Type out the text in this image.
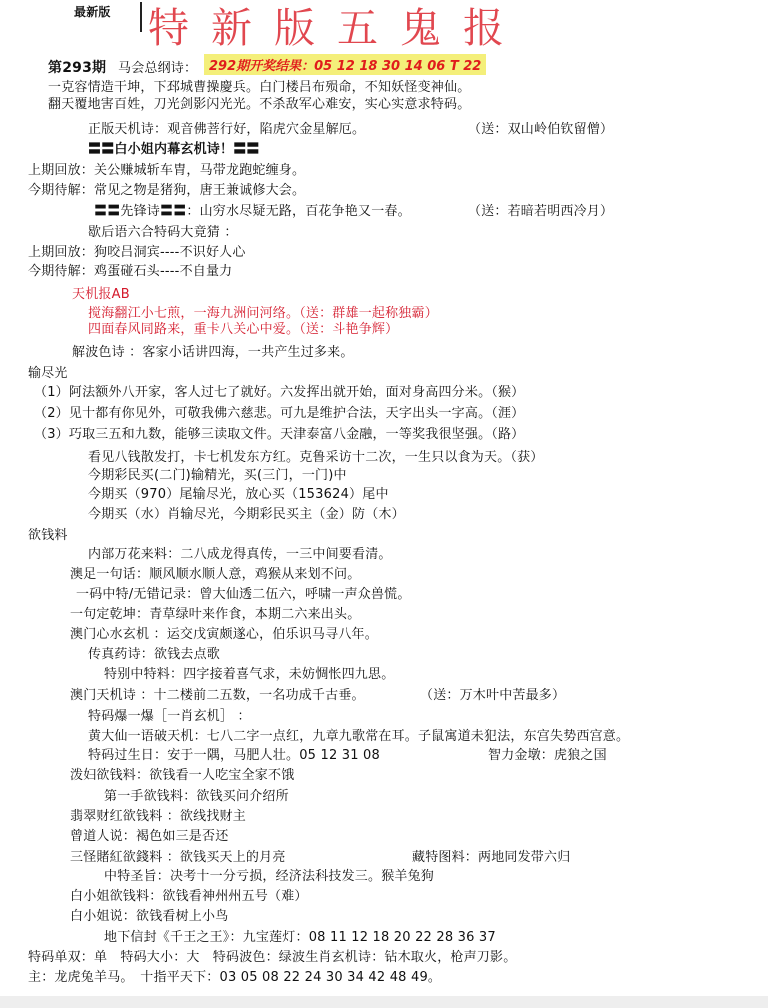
最新版 特新版五鬼报
第293期 马会总纲诗： 292期开奖结果：05 12 18 30 14 06 T 22
一克容情造干坤，下邳城曹操慶兵。白门楼吕布殒命，不知妖怪变神仙。
翻天覆地害百姓，刀光剑影闪光光。不杀敌军心难安，实心实意求特码。
正版天机诗：观音佛菩行好，陷虎穴金星解厄。	（送：双山岭伯钦留僧）
〓〓白小姐内幕玄机诗！〓〓
上期回放：关公赚城斩车胄，马带龙跑蛇缠身。
今期待解：常见之物是猪狗，唐王兼诚修大会。
〓〓先锋诗〓〓：山穷水尽疑无路，百花争艳又一春。	（送：若暗若明西冷月）
歇后语六合特码大竟猜 ：
上期回放：狗咬吕洞宾----不识好人心
今期待解：鸡蛋碰石头----不自量力
天机报AB
搅海翻江小七煎，一海九洲问河络。（送：群雄一起称独霸）
四面春风同路来，重卡八关心中爱。（送：斗艳争辉）
解波色诗 ：客家小话讲四海，一共产生过多来。
输尽光
（1）阿法额外八开家，客人过七了就好。六发挥出就开始，面对身高四分米。（猴）
（2）见十都有你见外，可敬我佛六慈悲。可九是维护合法，天字出头一字高。（涯）
（3）巧取三五和九数，能够三读取文件。天津泰富八金融，一等奖我很坚强。（路）
看见八钱散发打，卡七机发东方红。克鲁采访十二次，一生只以食为天。（获）
今期彩民买(二门)输精光，买(三门，一门)中
今期买（970）尾输尽光，放心买（153624）尾中
今期买（水）肖输尽光，今期彩民买主（金）防（木）
欲钱料
内部万花来料：二八成龙得真传，一三中间要看清。
澳足一句话：顺风顺水顺人意，鸡猴从来划不问。
一码中特/无错记录：曾大仙透二伍六，呼啸一声众兽慌。
一句定乾坤：青草绿叶来作食，本期二六来出头。
澳门心水玄机 ：运交戊寅颇遂心，伯乐识马寻八年。
传真药诗：欲钱去点歌
特别中特料：四字接着喜气求，未妨惆怅四九思。
澳门天机诗 ：十二楼前二五数，一名功成千古垂。	（送：万木叶中苦最多）
特码爆一爆［一肖玄机］ ：
黄大仙一语破天机：七八二字一点红，九章九歌常在耳。子鼠寓道未犯法，东宫失势西宫意。
特码过生日：安于一隅，马肥人壮。05 12 31 08	智力金墩：虎狼之国
泼妇欲钱料：欲钱看一人吃宝全家不饿
第一手欲钱料：欲钱买问介绍所
翡翠财红欲钱料 ：欲线找财主
曾道人说：褐色如三是否还
三怪賭紅欲錢料 ：欲钱买天上的月亮	藏特图料：两地同发带六归
中特圣旨：决考十一分亏损，经济法科技发三。猴羊兔狗
白小姐欲钱料：欲钱看神州州五号（难）
白小姐说：欲钱看树上小鸟
地下信封《千王之王》：九宝莲灯：08 11 12 18 20 22 28 36 37
特码单双：单　特码大小：大　特码波色：绿波生肖玄机诗：钻木取火，枪声刀影。
主：龙虎兔羊马。　十指平天下：03 05 08 22 24 30 34 42 48 49。
